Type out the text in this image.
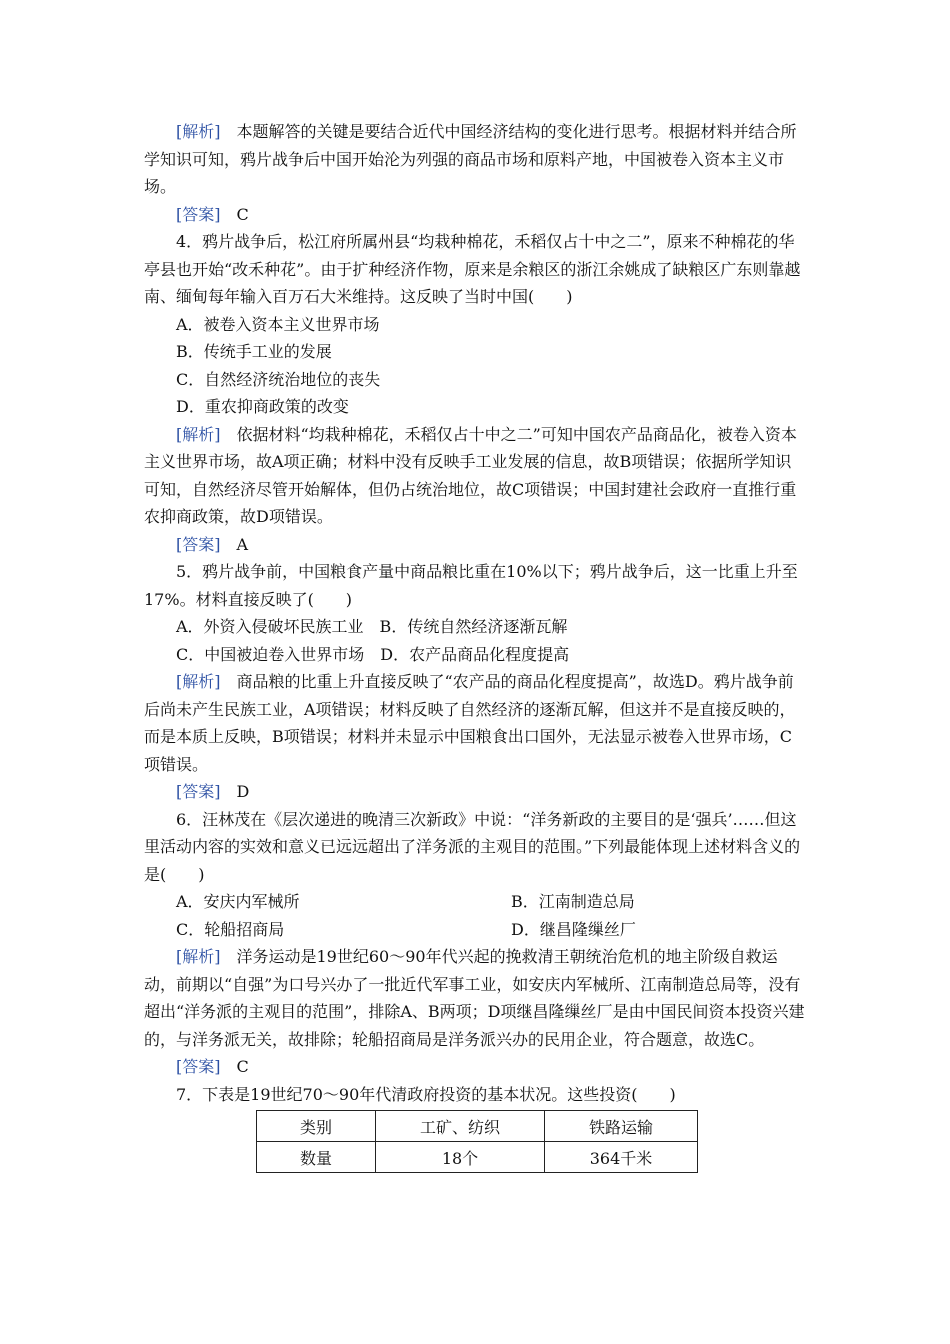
[解析]　本题解答的关键是要结合近代中国经济结构的变化进行思考。根据材料并结合所学知识可知，鸦片战争后中国开始沦为列强的商品市场和原料产地，中国被卷入资本主义市场。

[答案]　C

4．鸦片战争后，松江府所属州县“均栽种棉花，禾稻仅占十中之二”，原来不种棉花的华亭县也开始“改禾种花”。由于扩种经济作物，原来是余粮区的浙江余姚成了缺粮区广东则靠越南、缅甸每年输入百万石大米维持。这反映了当时中国(　　)

A．被卷入资本主义世界市场

B．传统手工业的发展

C．自然经济统治地位的丧失

D．重农抑商政策的改变

[解析]　依据材料“均栽种棉花，禾稻仅占十中之二”可知中国农产品商品化，被卷入资本主义世界市场，故A项正确；材料中没有反映手工业发展的信息，故B项错误；依据所学知识可知，自然经济尽管开始解体，但仍占统治地位，故C项错误；中国封建社会政府一直推行重农抑商政策，故D项错误。

[答案]　A

5．鸦片战争前，中国粮食产量中商品粮比重在10%以下；鸦片战争后，这一比重上升至17%。材料直接反映了(　　)

A．外资入侵破坏民族工业　B．传统自然经济逐渐瓦解

C．中国被迫卷入世界市场　D．农产品商品化程度提高

[解析]　商品粮的比重上升直接反映了“农产品的商品化程度提高”，故选D。鸦片战争前后尚未产生民族工业，A项错误；材料反映了自然经济的逐渐瓦解，但这并不是直接反映的，而是本质上反映，B项错误；材料并未显示中国粮食出口国外，无法显示被卷入世界市场，C项错误。

[答案]　D

6．汪林茂在《层次递进的晚清三次新政》中说：“洋务新政的主要目的是‘强兵’……但这里活动内容的实效和意义已远远超出了洋务派的主观目的范围。”下列最能体现上述材料含义的是(　　)

A．安庆内军械所	B．江南制造总局
C．轮船招商局	D．继昌隆缫丝厂

[解析]　洋务运动是19世纪60～90年代兴起的挽救清王朝统治危机的地主阶级自救运动，前期以“自强”为口号兴办了一批近代军事工业，如安庆内军械所、江南制造总局等，没有超出“洋务派的主观目的范围”，排除A、B两项；D项继昌隆缫丝厂是由中国民间资本投资兴建的，与洋务派无关，故排除；轮船招商局是洋务派兴办的民用企业，符合题意，故选C。

[答案]　C

7．下表是19世纪70～90年代清政府投资的基本状况。这些投资(　　)

类别	工矿、纺织	铁路运输
数量	18个	364千米
